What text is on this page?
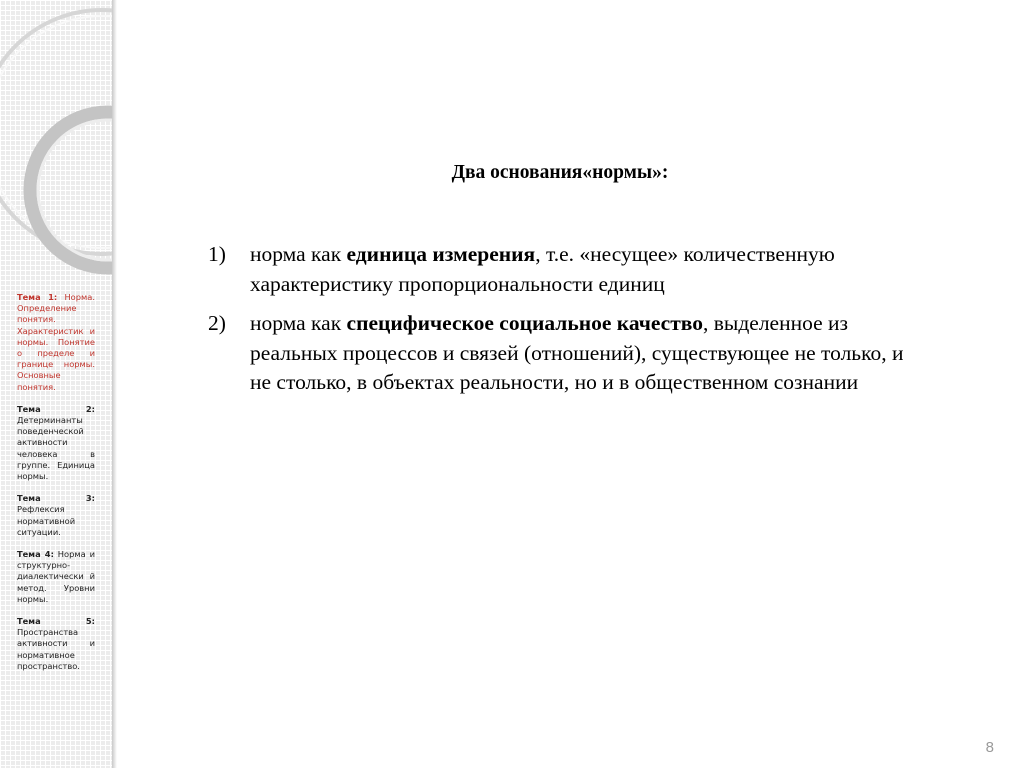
Тема 1: Норма. Определение понятия. Характеристик и нормы. Понятие о пределе и границе нормы. Основные понятия.
Тема 2: Детерминанты поведенческой активности человека в группе. Единица нормы.
Тема 3: Рефлексия нормативной ситуации.
Тема 4: Норма и структурно-диалектически й метод. Уровни нормы.
Тема 5: Пространства активности и нормативное пространство.
Два основания«нормы»:
1)	норма как единица измерения, т.е. «несущее» количественную характеристику пропорциональности единиц
2)	норма как специфическое социальное качество, выделенное из реальных процессов и связей (отношений), существующее не только, и не столько, в объектах реальности, но и в общественном сознании
8
